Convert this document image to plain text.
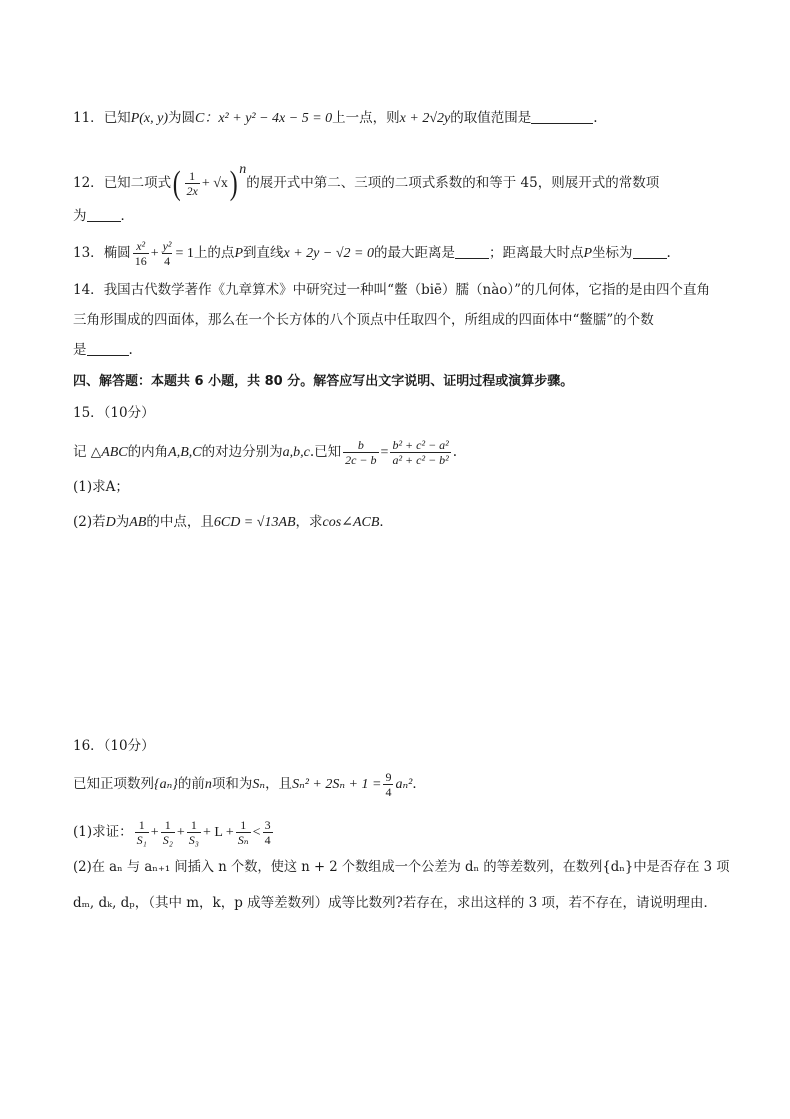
11．已知P(x, y)为圆C：x² + y² − 4x − 5 = 0上一点，则x + 2√2y的取值范围是	.
12．已知二项式( $\frac{1}{2x} + √x$) $^n$的展开式中第二、三项的二项式系数的和等于 45，则展开式的常数项
为	．
13．椭圆 $\frac{\text{x²}}{16} + \frac{\text{y²}}{4} = 1$上的点P到直线x + 2y − √2 = 0的最大距离是	；距离最大时点P坐标为	.
14．我国古代数学著作《九章算术》中研究过一种叫“鳖（biē）臑（nào）”的几何体，它指的是由四个直角
三角形围成的四面体，那么在一个长方体的八个顶点中任取四个，所组成的四面体中“鳖臑”的个数
是	.
四、解答题：本题共 6 小题，共 80 分。解答应写出文字说明、证明过程或演算步骤。
15．（10分）
记 △ABC的内角A,B,C的对边分别为a,b,c.已知 $\frac{b}{2c - b} = \frac{\text{b² + c² − a²}}{\text{a² + c² − b²}}$ .
(1)求A；
(2)若D为AB的中点，且6CD = √13AB，求cos∠ACB．
16．（10分）
已知正项数列{aₙ}的前n项和为Sₙ，且$S_n^2 + 2S_n + 1 = \frac{9}{4} a_n^2$．
(1)求证： $\frac{1}{\text{S₁}} + \frac{1}{\text{S₂}} + \frac{1}{\text{S₃}} + L + \frac{1}{\text{Sₙ}} < \frac{3}{4}$
(2)在 aₙ 与 aₙ₊₁ 间插入 n 个数，使这 n + 2 个数组成一个公差为 dₙ 的等差数列，在数列{dₙ}中是否存在 3 项
dₘ, dₖ, dₚ，（其中 m，k，p 成等差数列）成等比数列?若存在，求出这样的 3 项，若不存在，请说明理由．
